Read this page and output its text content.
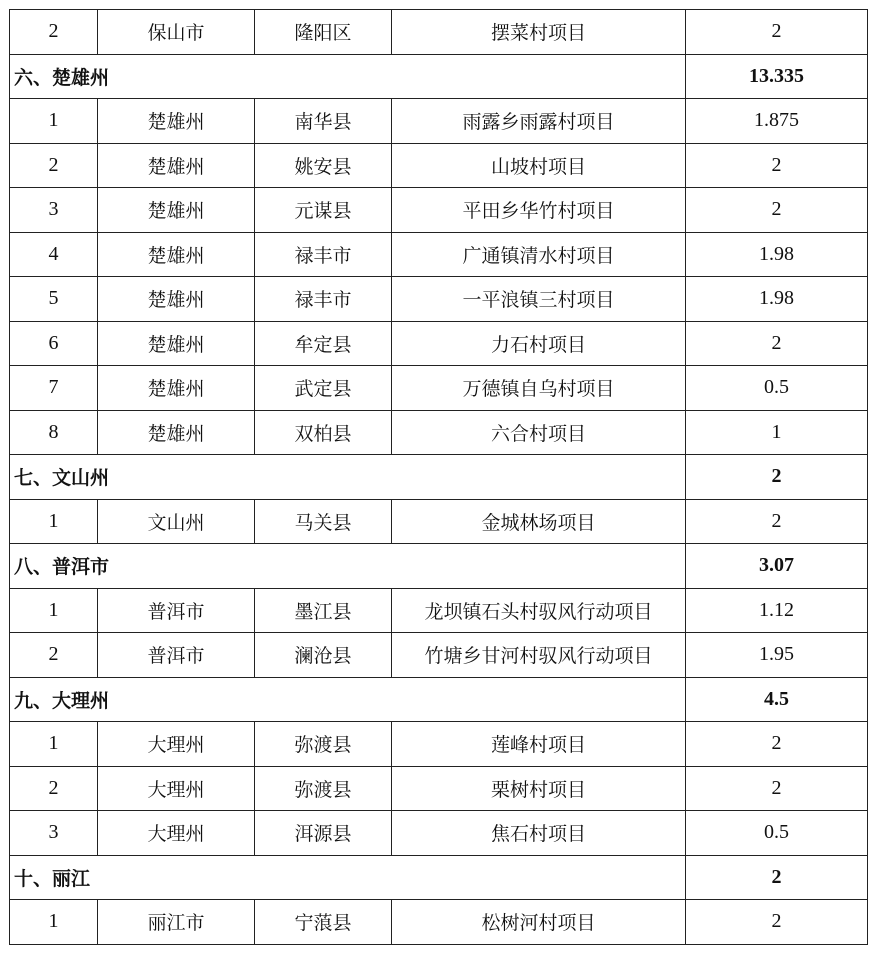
2	保山市	隆阳区	摆菜村项目	2
六、楚雄州				13.335
1	楚雄州	南华县	雨露乡雨露村项目	1.875
2	楚雄州	姚安县	山坡村项目	2
3	楚雄州	元谋县	平田乡华竹村项目	2
4	楚雄州	禄丰市	广通镇清水村项目	1.98
5	楚雄州	禄丰市	一平浪镇三村项目	1.98
6	楚雄州	牟定县	力石村项目	2
7	楚雄州	武定县	万德镇自乌村项目	0.5
8	楚雄州	双柏县	六合村项目	1
七、文山州				2
1	文山州	马关县	金城林场项目	2
八、普洱市				3.07
1	普洱市	墨江县	龙坝镇石头村驭风行动项目	1.12
2	普洱市	澜沧县	竹塘乡甘河村驭风行动项目	1.95
九、大理州				4.5
1	大理州	弥渡县	莲峰村项目	2
2	大理州	弥渡县	栗树村项目	2
3	大理州	洱源县	焦石村项目	0.5
十、丽江				2
1	丽江市	宁蒗县	松树河村项目	2
